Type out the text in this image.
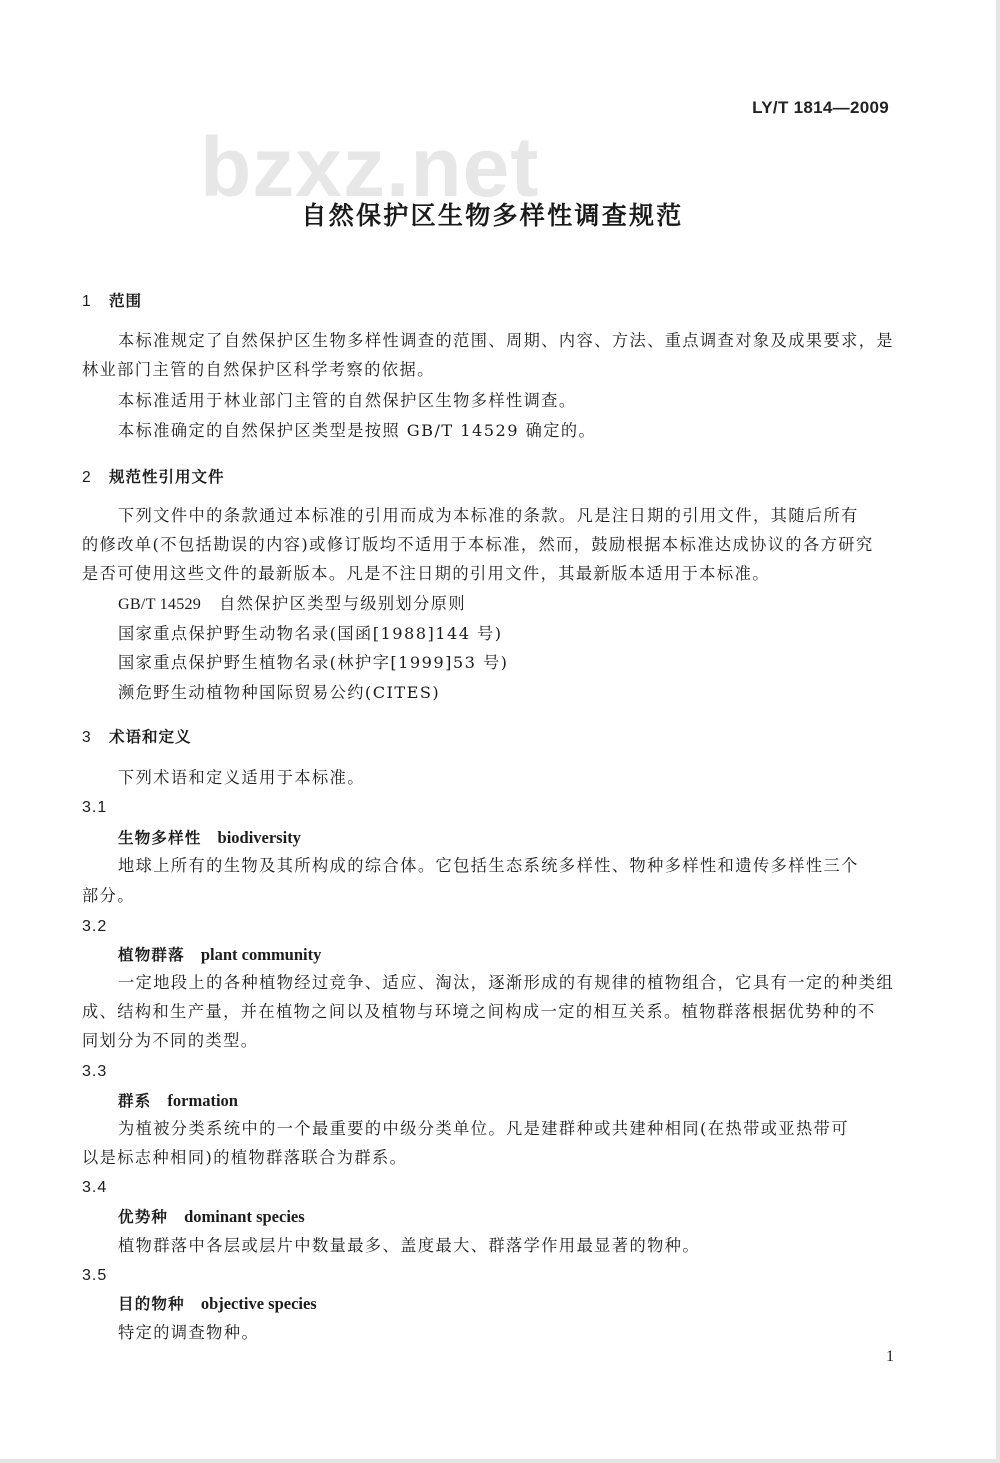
LY/T 1814—2009
bzxz.net
自然保护区生物多样性调查规范
1 范围
本标准规定了自然保护区生物多样性调查的范围、周期、内容、方法、重点调查对象及成果要求，是
林业部门主管的自然保护区科学考察的依据。
本标准适用于林业部门主管的自然保护区生物多样性调查。
本标准确定的自然保护区类型是按照 GB/T 14529 确定的。
2 规范性引用文件
下列文件中的条款通过本标准的引用而成为本标准的条款。凡是注日期的引用文件，其随后所有
的修改单(不包括勘误的内容)或修订版均不适用于本标准，然而，鼓励根据本标准达成协议的各方研究
是否可使用这些文件的最新版本。凡是不注日期的引用文件，其最新版本适用于本标准。
GB/T 14529 自然保护区类型与级别划分原则
国家重点保护野生动物名录(国函[1988]144 号)
国家重点保护野生植物名录(林护字[1999]53 号)
濒危野生动植物种国际贸易公约(CITES)
3 术语和定义
下列术语和定义适用于本标准。
3.1
生物多样性 biodiversity
地球上所有的生物及其所构成的综合体。它包括生态系统多样性、物种多样性和遗传多样性三个
部分。
3.2
植物群落 plant community
一定地段上的各种植物经过竞争、适应、淘汰，逐渐形成的有规律的植物组合，它具有一定的种类组
成、结构和生产量，并在植物之间以及植物与环境之间构成一定的相互关系。植物群落根据优势种的不
同划分为不同的类型。
3.3
群系 formation
为植被分类系统中的一个最重要的中级分类单位。凡是建群种或共建种相同(在热带或亚热带可
以是标志种相同)的植物群落联合为群系。
3.4
优势种 dominant species
植物群落中各层或层片中数量最多、盖度最大、群落学作用最显著的物种。
3.5
目的物种 objective species
特定的调查物种。
1
